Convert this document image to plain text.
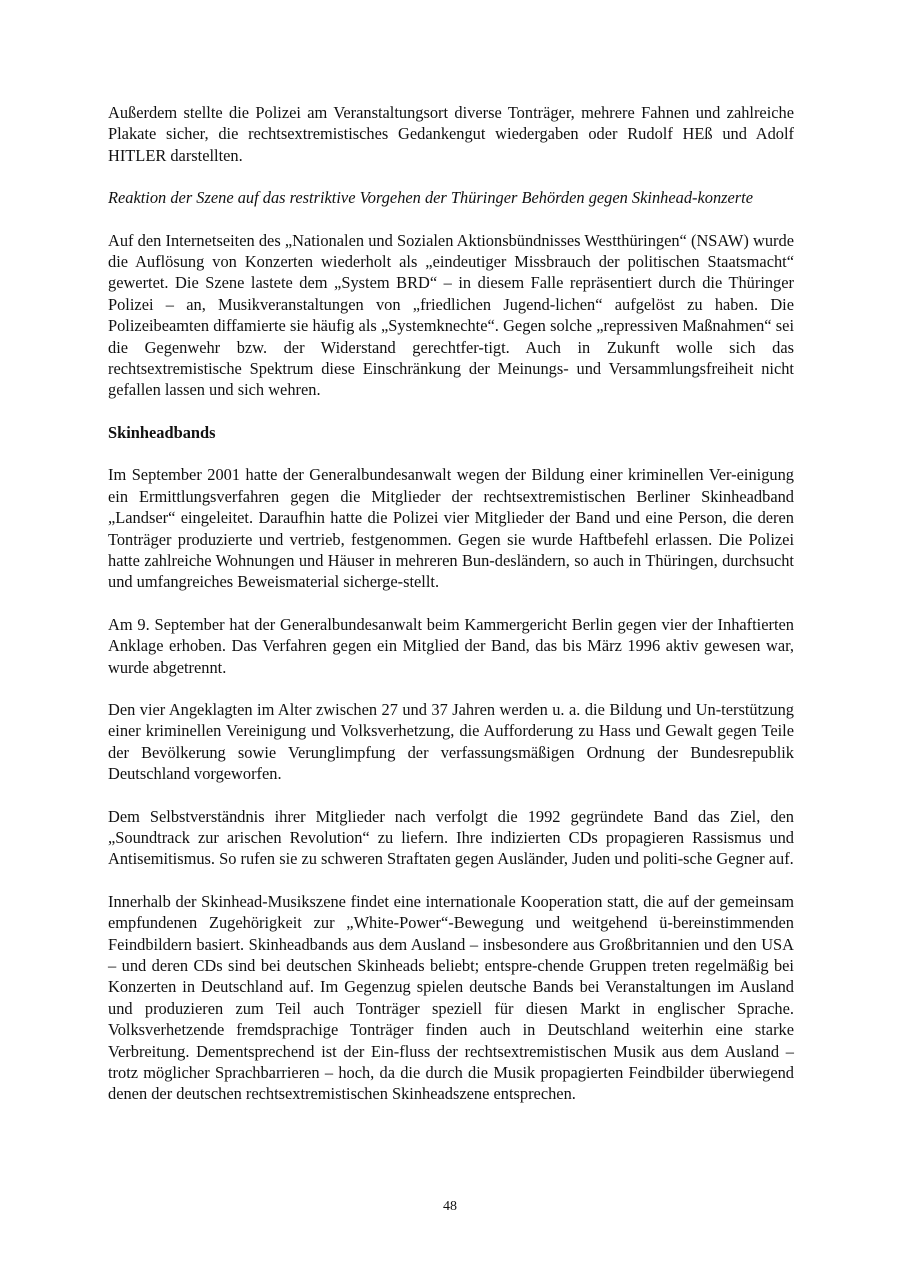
Außerdem stellte die Polizei am Veranstaltungsort diverse Tonträger, mehrere Fahnen und zahlreiche Plakate sicher, die rechtsextremistisches Gedankengut wiedergaben oder Rudolf HEß und Adolf HITLER darstellten.

Reaktion der Szene auf das restriktive Vorgehen der Thüringer Behörden gegen Skinhead-konzerte

Auf den Internetseiten des „Nationalen und Sozialen Aktionsbündnisses Westthüringen“ (NSAW) wurde die Auflösung von Konzerten wiederholt als „eindeutiger Missbrauch der politischen Staatsmacht“ gewertet. Die Szene lastete dem „System BRD“ – in diesem Falle repräsentiert durch die Thüringer Polizei – an, Musikveranstaltungen von „friedlichen Jugend-lichen“ aufgelöst zu haben. Die Polizeibeamten diffamierte sie häufig als „Systemknechte“. Gegen solche „repressiven Maßnahmen“ sei die Gegenwehr bzw. der Widerstand gerechtfer-tigt. Auch in Zukunft wolle sich das rechtsextremistische Spektrum diese Einschränkung der Meinungs- und Versammlungsfreiheit nicht gefallen lassen und sich wehren.

Skinheadbands

Im September 2001 hatte der Generalbundesanwalt wegen der Bildung einer kriminellen Ver-einigung ein Ermittlungsverfahren gegen die Mitglieder der rechtsextremistischen Berliner Skinheadband „Landser“ eingeleitet. Daraufhin hatte die Polizei vier Mitglieder der Band und eine Person, die deren Tonträger produzierte und vertrieb, festgenommen. Gegen sie wurde Haftbefehl erlassen. Die Polizei hatte zahlreiche Wohnungen und Häuser in mehreren Bun-desländern, so auch in Thüringen, durchsucht und umfangreiches Beweismaterial sicherge-stellt.

Am 9. September hat der Generalbundesanwalt beim Kammergericht Berlin gegen vier der Inhaftierten Anklage erhoben. Das Verfahren gegen ein Mitglied der Band, das bis März 1996 aktiv gewesen war, wurde abgetrennt.

Den vier Angeklagten im Alter zwischen 27 und 37 Jahren werden u. a. die Bildung und Un-terstützung einer kriminellen Vereinigung und Volksverhetzung, die Aufforderung zu Hass und Gewalt gegen Teile der Bevölkerung sowie Verunglimpfung der verfassungsmäßigen Ordnung der Bundesrepublik Deutschland vorgeworfen.

Dem Selbstverständnis ihrer Mitglieder nach verfolgt die 1992 gegründete Band das Ziel, den „Soundtrack zur arischen Revolution“ zu liefern. Ihre indizierten CDs propagieren Rassismus und Antisemitismus. So rufen sie zu schweren Straftaten gegen Ausländer, Juden und politi-sche Gegner auf.

Innerhalb der Skinhead-Musikszene findet eine internationale Kooperation statt, die auf der gemeinsam empfundenen Zugehörigkeit zur „White-Power“-Bewegung und weitgehend ü-bereinstimmenden Feindbildern basiert. Skinheadbands aus dem Ausland – insbesondere aus Großbritannien und den USA – und deren CDs sind bei deutschen Skinheads beliebt; entspre-chende Gruppen treten regelmäßig bei Konzerten in Deutschland auf. Im Gegenzug spielen deutsche Bands bei Veranstaltungen im Ausland und produzieren zum Teil auch Tonträger speziell für diesen Markt in englischer Sprache. Volksverhetzende fremdsprachige Tonträger finden auch in Deutschland weiterhin eine starke Verbreitung. Dementsprechend ist der Ein-fluss der rechtsextremistischen Musik aus dem Ausland – trotz möglicher Sprachbarrieren – hoch, da die durch die Musik propagierten Feindbilder überwiegend denen der deutschen rechtsextremistischen Skinheadszene entsprechen.

48
